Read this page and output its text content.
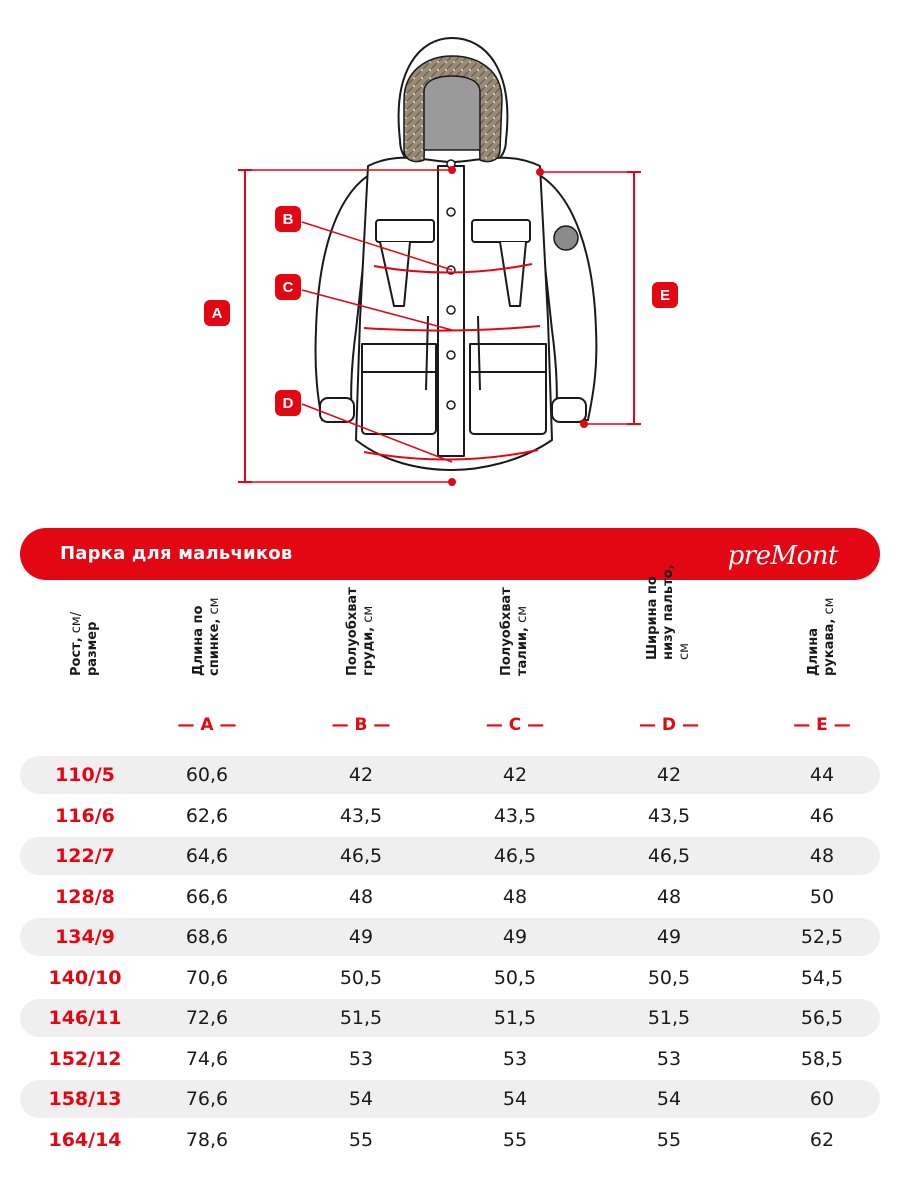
A
B
C
D
E
Парка для мальчиков	preMont
Рост, см/ размер	Длина по спинке, см	Полуобхват груди, см	Полуобхват талии, см	Ширина по низу пальто, см	Длина рукава, см
— A —	— B —	— C —	— D —	— E —
110/5	60,6	42	42	42	44
116/6	62,6	43,5	43,5	43,5	46
122/7	64,6	46,5	46,5	46,5	48
128/8	66,6	48	48	48	50
134/9	68,6	49	49	49	52,5
140/10	70,6	50,5	50,5	50,5	54,5
146/11	72,6	51,5	51,5	51,5	56,5
152/12	74,6	53	53	53	58,5
158/13	76,6	54	54	54	60
164/14	78,6	55	55	55	62
